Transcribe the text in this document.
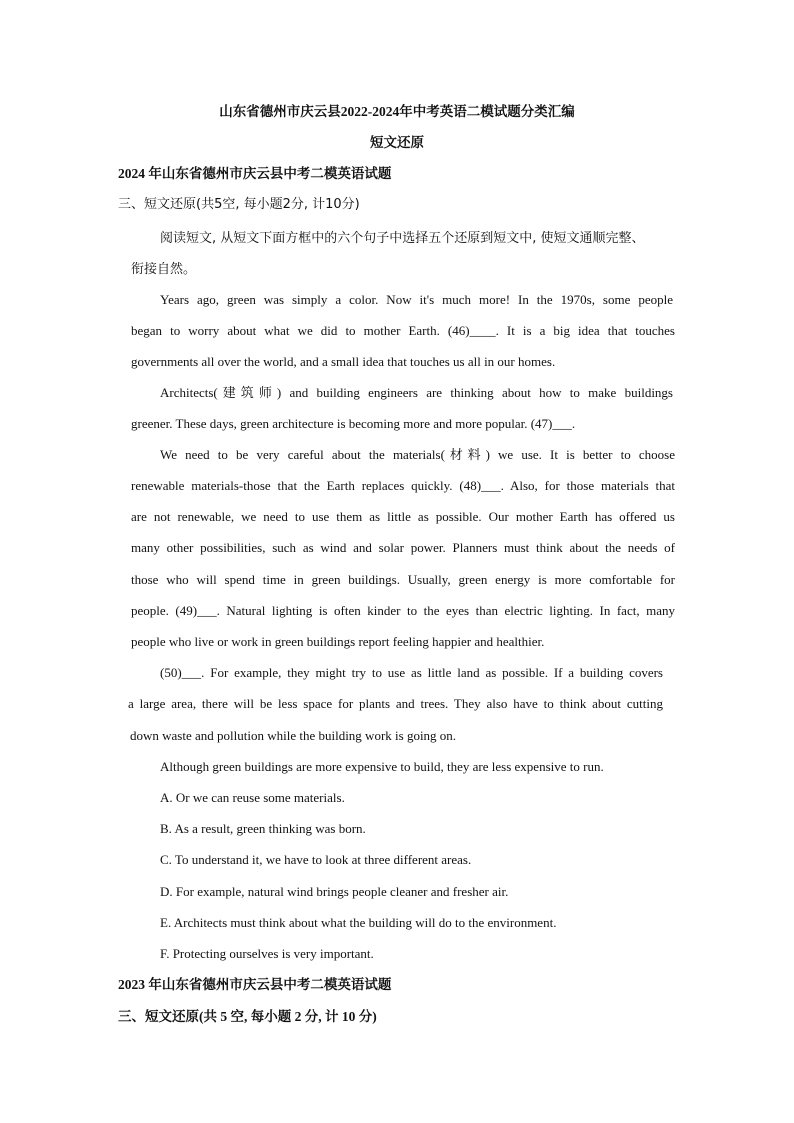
山东省德州市庆云县2022-2024年中考英语二模试题分类汇编
短文还原
2024 年山东省德州市庆云县中考二模英语试题
三、短文还原(共5空, 每小题2分, 计10分)
阅读短文, 从短文下面方框中的六个句子中选择五个还原到短文中, 使短文通顺完整、
衔接自然。
Years ago, green was simply a color. Now it's much more! In the 1970s, some people
began to worry about what we did to mother Earth. (46)____. It is a big idea that touches
governments all over the world, and a small idea that touches us all in our homes.
Architects(建筑师) and building engineers are thinking about how to make buildings
greener. These days, green architecture is becoming more and more popular. (47)___.
We need to be very careful about the materials(材料) we use. It is better to choose
renewable materials-those that the Earth replaces quickly. (48)___. Also, for those materials that
are not renewable, we need to use them as little as possible. Our mother Earth has offered us
many other possibilities, such as wind and solar power. Planners must think about the needs of
those who will spend time in green buildings. Usually, green energy is more comfortable for
people. (49)___. Natural lighting is often kinder to the eyes than electric lighting. In fact, many
people who live or work in green buildings report feeling happier and healthier.
(50)___. For example, they might try to use as little land as possible. If a building covers
a large area, there will be less space for plants and trees. They also have to think about cutting
down waste and pollution while the building work is going on.
Although green buildings are more expensive to build, they are less expensive to run.
A. Or we can reuse some materials.
B. As a result, green thinking was born.
C. To understand it, we have to look at three different areas.
D. For example, natural wind brings people cleaner and fresher air.
E. Architects must think about what the building will do to the environment.
F. Protecting ourselves is very important.
2023 年山东省德州市庆云县中考二模英语试题
三、短文还原(共 5 空, 每小题 2 分, 计 10 分)
